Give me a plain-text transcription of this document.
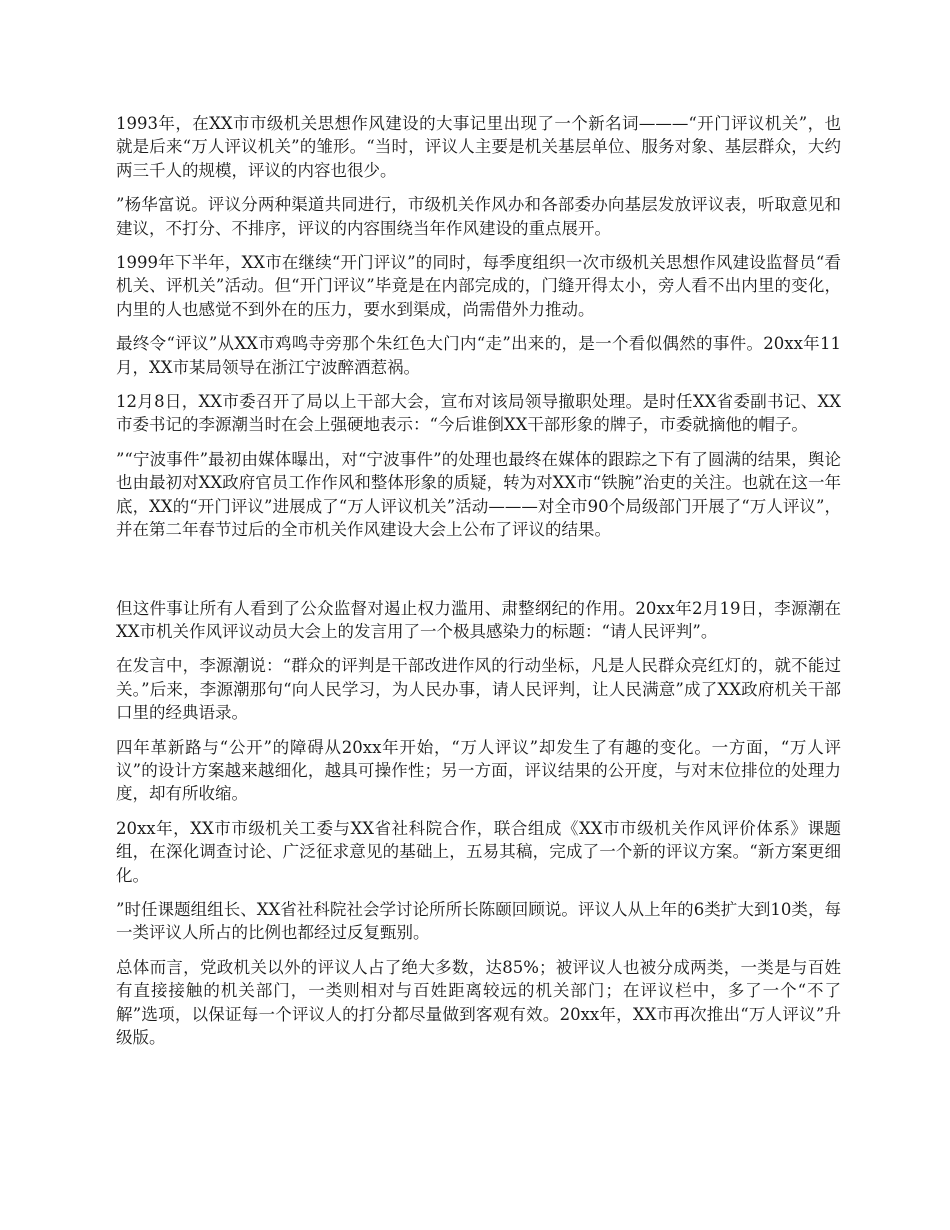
1993年，在XX市市级机关思想作风建设的大事记里出现了一个新名词———“开门评议机关”，也就是后来“万人评议机关”的雏形。“当时，评议人主要是机关基层单位、服务对象、基层群众，大约两三千人的规模，评议的内容也很少。

”杨华富说。评议分两种渠道共同进行，市级机关作风办和各部委办向基层发放评议表，听取意见和建议，不打分、不排序，评议的内容围绕当年作风建设的重点展开。

1999年下半年，XX市在继续“开门评议”的同时，每季度组织一次市级机关思想作风建设监督员“看机关、评机关”活动。但“开门评议”毕竟是在内部完成的，门缝开得太小，旁人看不出内里的变化，内里的人也感觉不到外在的压力，要水到渠成，尚需借外力推动。

最终令“评议”从XX市鸡鸣寺旁那个朱红色大门内“走”出来的，是一个看似偶然的事件。20xx年11月，XX市某局领导在浙江宁波醉酒惹祸。

12月8日，XX市委召开了局以上干部大会，宣布对该局领导撤职处理。是时任XX省委副书记、XX市委书记的李源潮当时在会上强硬地表示：“今后谁倒XX干部形象的牌子，市委就摘他的帽子。

”“宁波事件”最初由媒体曝出，对“宁波事件”的处理也最终在媒体的跟踪之下有了圆满的结果，舆论也由最初对XX政府官员工作作风和整体形象的质疑，转为对XX市“铁腕”治吏的关注。也就在这一年底，XX的“开门评议”进展成了“万人评议机关”活动———对全市90个局级部门开展了“万人评议”，并在第二年春节过后的全市机关作风建设大会上公布了评议的结果。

但这件事让所有人看到了公众监督对遏止权力滥用、肃整纲纪的作用。20xx年2月19日，李源潮在XX市机关作风评议动员大会上的发言用了一个极具感染力的标题：“请人民评判”。

在发言中，李源潮说：“群众的评判是干部改进作风的行动坐标，凡是人民群众亮红灯的，就不能过关。”后来，李源潮那句“向人民学习，为人民办事，请人民评判，让人民满意”成了XX政府机关干部口里的经典语录。

四年革新路与“公开”的障碍从20xx年开始，“万人评议”却发生了有趣的变化。一方面，“万人评议”的设计方案越来越细化，越具可操作性；另一方面，评议结果的公开度，与对末位排位的处理力度，却有所收缩。

20xx年，XX市市级机关工委与XX省社科院合作，联合组成《XX市市级机关作风评价体系》课题组，在深化调查讨论、广泛征求意见的基础上，五易其稿，完成了一个新的评议方案。“新方案更细化。

”时任课题组组长、XX省社科院社会学讨论所所长陈颐回顾说。评议人从上年的6类扩大到10类，每一类评议人所占的比例也都经过反复甄别。

总体而言，党政机关以外的评议人占了绝大多数，达85%；被评议人也被分成两类，一类是与百姓有直接接触的机关部门，一类则相对与百姓距离较远的机关部门；在评议栏中，多了一个“不了解”选项，以保证每一个评议人的打分都尽量做到客观有效。20xx年，XX市再次推出“万人评议”升级版。
